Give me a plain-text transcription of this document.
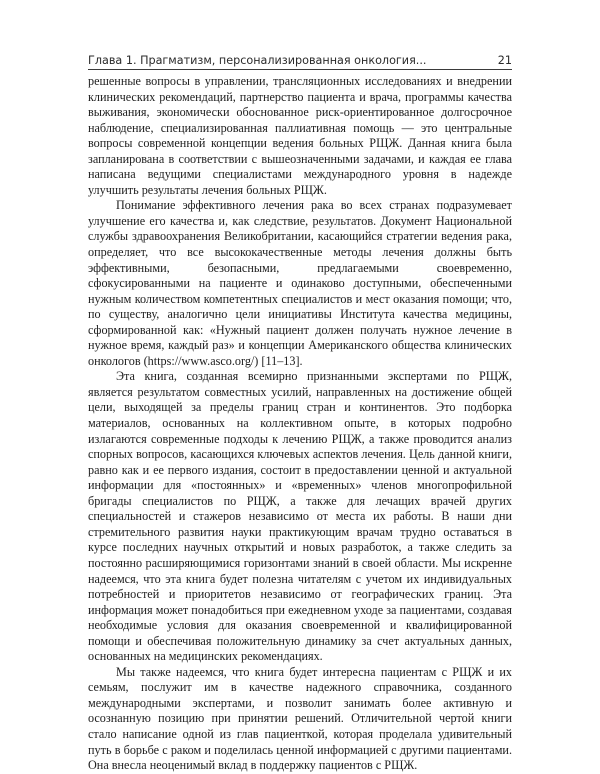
Глава 1. Прагматизм, персонализированная онкология...	21

решенные вопросы в управлении, трансляционных исследованиях и внедрении клинических рекомендаций, партнерство пациента и врача, программы качества выживания, экономически обоснованное риск-ориентированное долгосрочное наблюдение, специализированная паллиативная помощь — это центральные вопросы современной концепции ведения больных РЩЖ. Данная книга была запланирована в соответствии с вышеозначенными задачами, и каждая ее глава написана ведущими специалистами международного уровня в надежде улучшить результаты лечения больных РЩЖ.

Понимание эффективного лечения рака во всех странах подразумевает улучшение его качества и, как следствие, результатов. Документ Национальной службы здравоохранения Великобритании, касающийся стратегии ведения рака, определяет, что все высококачественные методы лечения должны быть эффективными, безопасными, предлагаемыми своевременно, сфокусированными на пациенте и одинаково доступными, обеспеченными нужным количеством компетентных специалистов и мест оказания помощи; что, по существу, аналогично цели инициативы Института качества медицины, сформированной как: «Нужный пациент должен получать нужное лечение в нужное время, каждый раз» и концепции Американского общества клинических онкологов (https://www.asco.org/) [11–13].

Эта книга, созданная всемирно признанными экспертами по РЩЖ, является результатом совместных усилий, направленных на достижение общей цели, выходящей за пределы границ стран и континентов. Это подборка материалов, основанных на коллективном опыте, в которых подробно излагаются современные подходы к лечению РЩЖ, а также проводится анализ спорных вопросов, касающихся ключевых аспектов лечения. Цель данной книги, равно как и ее первого издания, состоит в предоставлении ценной и актуальной информации для «постоянных» и «временных» членов многопрофильной бригады специалистов по РЩЖ, а также для лечащих врачей других специальностей и стажеров независимо от места их работы. В наши дни стремительного развития науки практикующим врачам трудно оставаться в курсе последних научных открытий и новых разработок, а также следить за постоянно расширяющимися горизонтами знаний в своей области. Мы искренне надеемся, что эта книга будет полезна читателям с учетом их индивидуальных потребностей и приоритетов независимо от географических границ. Эта информация может понадобиться при ежедневном уходе за пациентами, создавая необходимые условия для оказания своевременной и квалифицированной помощи и обеспечивая положительную динамику за счет актуальных данных, основанных на медицинских рекомендациях.

Мы также надеемся, что книга будет интересна пациентам с РЩЖ и их семьям, послужит им в качестве надежного справочника, созданного международными экспертами, и позволит занимать более активную и осознанную позицию при принятии решений. Отличительной чертой книги стало написание одной из глав пациенткой, которая проделала удивительный путь в борьбе с раком и поделилась ценной информацией с другими пациентами. Она внесла неоценимый вклад в поддержку пациентов с РЩЖ.
